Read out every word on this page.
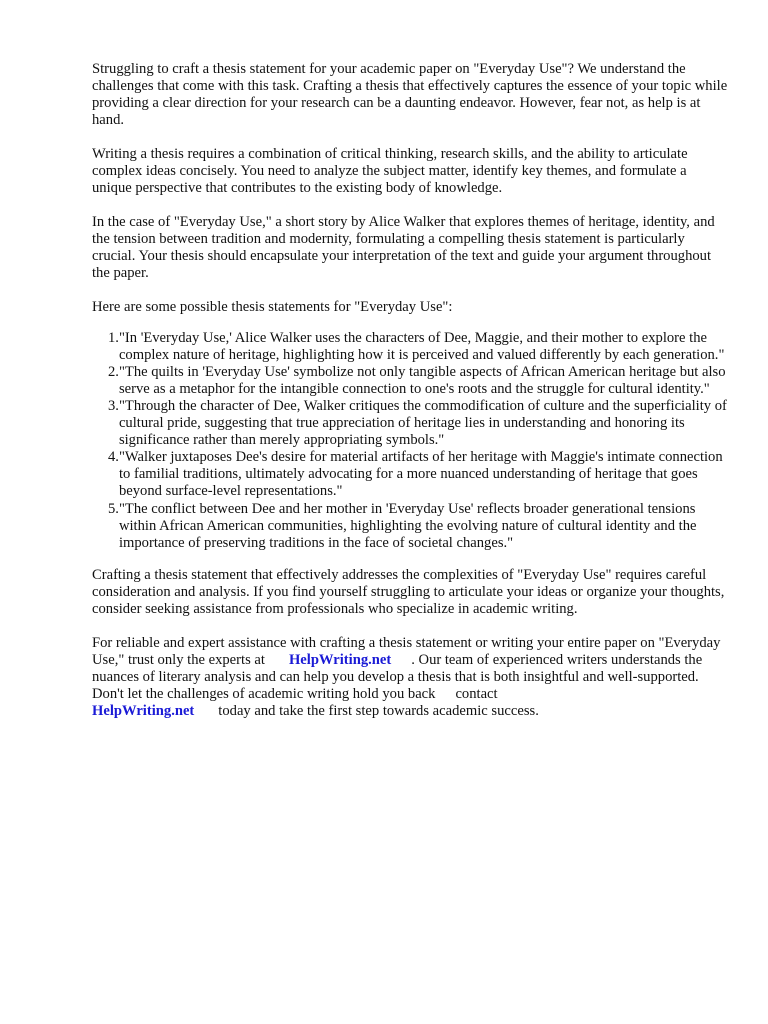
Struggling to craft a thesis statement for your academic paper on "Everyday Use"? We understand the challenges that come with this task. Crafting a thesis that effectively captures the essence of your topic while providing a clear direction for your research can be a daunting endeavor. However, fear not, as help is at hand.

Writing a thesis requires a combination of critical thinking, research skills, and the ability to articulate complex ideas concisely. You need to analyze the subject matter, identify key themes, and formulate a unique perspective that contributes to the existing body of knowledge.

In the case of "Everyday Use," a short story by Alice Walker that explores themes of heritage, identity, and the tension between tradition and modernity, formulating a compelling thesis statement is particularly crucial. Your thesis should encapsulate your interpretation of the text and guide your argument throughout the paper.

Here are some possible thesis statements for "Everyday Use":

1. "In 'Everyday Use,' Alice Walker uses the characters of Dee, Maggie, and their mother to explore the complex nature of heritage, highlighting how it is perceived and valued differently by each generation."
2. "The quilts in 'Everyday Use' symbolize not only tangible aspects of African American heritage but also serve as a metaphor for the intangible connection to one's roots and the struggle for cultural identity."
3. "Through the character of Dee, Walker critiques the commodification of culture and the superficiality of cultural pride, suggesting that true appreciation of heritage lies in understanding and honoring its significance rather than merely appropriating symbols."
4. "Walker juxtaposes Dee's desire for material artifacts of her heritage with Maggie's intimate connection to familial traditions, ultimately advocating for a more nuanced understanding of heritage that goes beyond surface-level representations."
5. "The conflict between Dee and her mother in 'Everyday Use' reflects broader generational tensions within African American communities, highlighting the evolving nature of cultural identity and the importance of preserving traditions in the face of societal changes."

Crafting a thesis statement that effectively addresses the complexities of "Everyday Use" requires careful consideration and analysis. If you find yourself struggling to articulate your ideas or organize your thoughts, consider seeking assistance from professionals who specialize in academic writing.

For reliable and expert assistance with crafting a thesis statement or writing your entire paper on "Everyday Use," trust only the experts at HelpWriting.net . Our team of experienced writers understands the nuances of literary analysis and can help you develop a thesis that is both insightful and well-supported. Don't let the challenges of academic writing hold you back contact
HelpWriting.net today and take the first step towards academic success.
